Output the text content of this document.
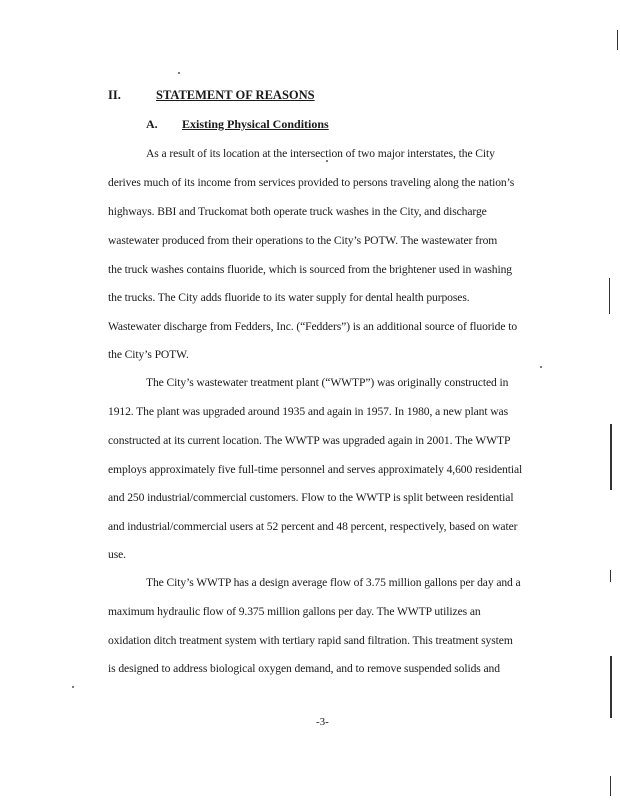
II.	STATEMENT OF REASONS
A. Existing Physical Conditions
As a result of its location at the intersection of two major interstates, the City
derives much of its income from services provided to persons traveling along the nation’s
highways. BBI and Truckomat both operate truck washes in the City, and discharge
wastewater produced from their operations to the City’s POTW. The wastewater from
the truck washes contains fluoride, which is sourced from the brightener used in washing
the trucks. The City adds fluoride to its water supply for dental health purposes.
Wastewater discharge from Fedders, Inc. (“Fedders”) is an additional source of fluoride to
the City’s POTW.
The City’s wastewater treatment plant (“WWTP”) was originally constructed in
1912. The plant was upgraded around 1935 and again in 1957. In 1980, a new plant was
constructed at its current location. The WWTP was upgraded again in 2001. The WWTP
employs approximately five full-time personnel and serves approximately 4,600 residential
and 250 industrial/commercial customers. Flow to the WWTP is split between residential
and industrial/commercial users at 52 percent and 48 percent, respectively, based on water
use.
The City’s WWTP has a design average flow of 3.75 million gallons per day and a
maximum hydraulic flow of 9.375 million gallons per day. The WWTP utilizes an
oxidation ditch treatment system with tertiary rapid sand filtration. This treatment system
is designed to address biological oxygen demand, and to remove suspended solids and
-3-
